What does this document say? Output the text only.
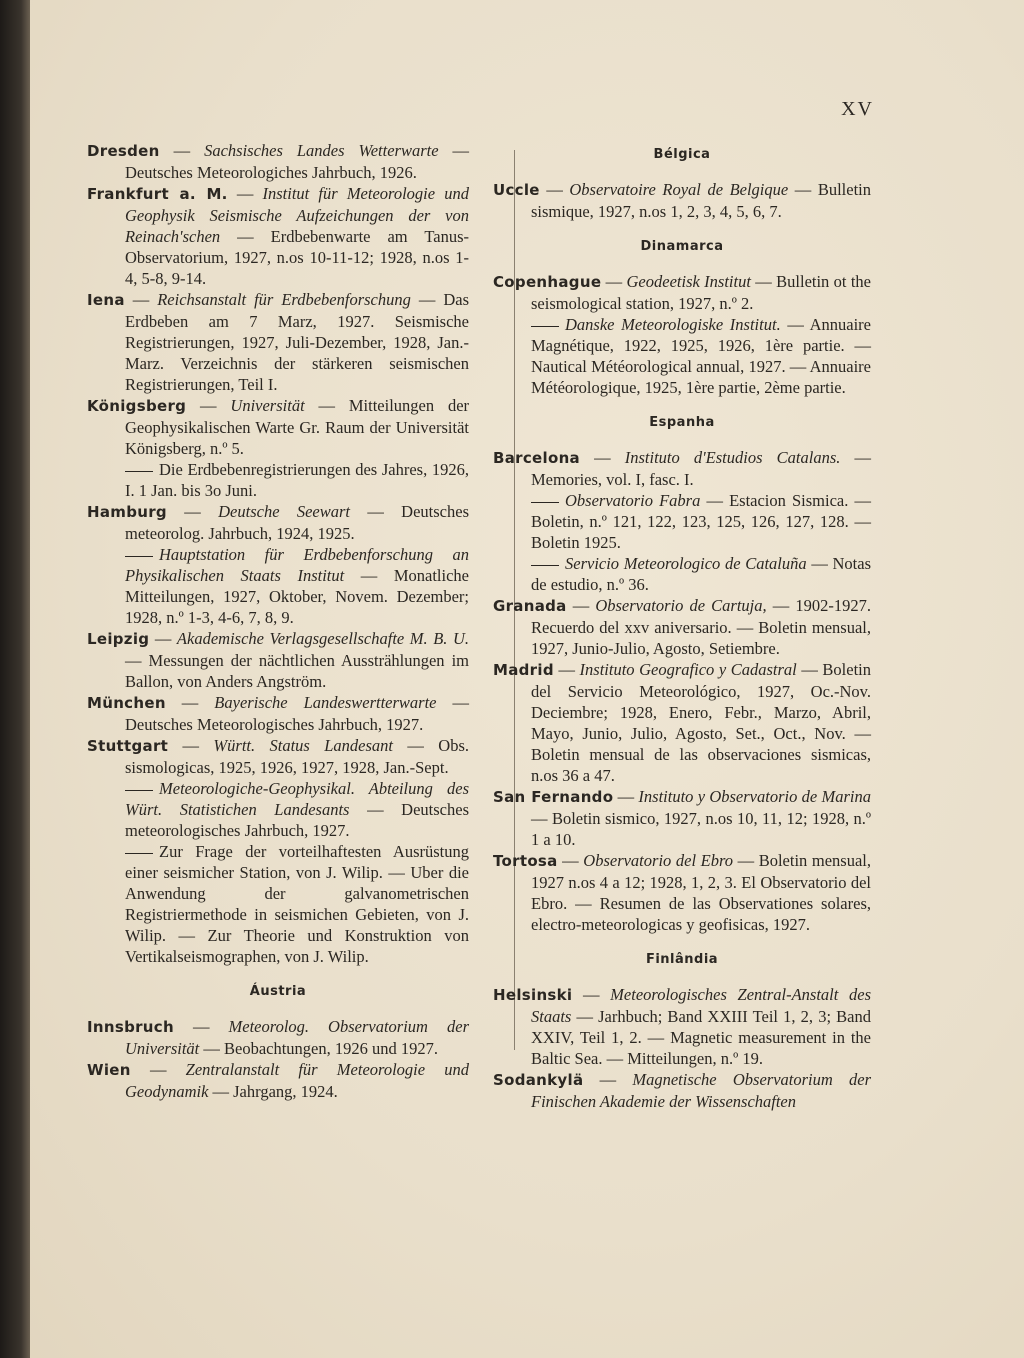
XV

Dresden — Sachsisches Landes Wetterwarte — Deutsches Meteorologiches Jahrbuch, 1926.

Frankfurt a. M. — Institut für Meteorologie und Geophysik Seismische Aufzeichungen der von Reinach'schen — Erdbebenwarte am Tanus-Observatorium, 1927, n.os 10-11-12; 1928, n.os 1-4, 5-8, 9-14.

Iena — Reichsanstalt für Erdbebenforschung — Das Erdbeben am 7 Marz, 1927. Seismische Registrierungen, 1927, Juli-Dezember, 1928, Jan.-Marz. Verzeichnis der stärkeren seismischen Registrierungen, Teil I.

Königsberg — Universität — Mitteilungen der Geophysikalischen Warte Gr. Raum der Universität Königsberg, n.º 5.

Die Erdbebenregistrierungen des Jahres, 1926, I. 1 Jan. bis 3o Juni.

Hamburg — Deutsche Seewart — Deutsches meteorolog. Jahrbuch, 1924, 1925.

Hauptstation für Erdbebenforschung an Physikalischen Staats Institut — Monatliche Mitteilungen, 1927, Oktober, Novem. Dezember; 1928, n.º 1-3, 4-6, 7, 8, 9.

Leipzig — Akademische Verlagsgesellschafte M. B. U. — Messungen der nächtlichen Ausstrählungen im Ballon, von Anders Angström.

München — Bayerische Landeswertterwarte — Deutsches Meteorologisches Jahrbuch, 1927.

Stuttgart — Württ. Status Landesant — Obs. sismologicas, 1925, 1926, 1927, 1928, Jan.-Sept.

Meteorologiche-Geophysikal. Abteilung des Würt. Statistichen Landesants — Deutsches meteorologisches Jahrbuch, 1927.

Zur Frage der vorteilhaftesten Ausrüstung einer seismicher Station, von J. Wilip. — Uber die Anwendung der galvanometrischen Registriermethode in seismichen Gebieten, von J. Wilip. — Zur Theorie und Konstruktion von Vertikalseismographen, von J. Wilip.

Áustria

Innsbruch — Meteorolog. Observatorium der Universität — Beobachtungen, 1926 und 1927.

Wien — Zentralanstalt für Meteorologie und Geodynamik — Jahrgang, 1924.

Bélgica

Uccle — Observatoire Royal de Belgique — Bulletin sismique, 1927, n.os 1, 2, 3, 4, 5, 6, 7.

Dinamarca

Copenhague — Geodeetisk Institut — Bulletin ot the seismological station, 1927, n.º 2.

Danske Meteorologiske Institut. — Annuaire Magnétique, 1922, 1925, 1926, 1ère partie. — Nautical Météorological annual, 1927. — Annuaire Météorologique, 1925, 1ère partie, 2ème partie.

Espanha

Barcelona — Instituto d'Estudios Catalans. — Memories, vol. I, fasc. I.

Observatorio Fabra — Estacion Sismica. — Boletin, n.º 121, 122, 123, 125, 126, 127, 128. — Boletin 1925.

Servicio Meteorologico de Cataluña — Notas de estudio, n.º 36.

Granada — Observatorio de Cartuja, — 1902-1927. Recuerdo del xxv aniversario. — Boletin mensual, 1927, Junio-Julio, Agosto, Setiembre.

Madrid — Instituto Geografico y Cadastral — Boletin del Servicio Meteorológico, 1927, Oc.-Nov. Deciembre; 1928, Enero, Febr., Marzo, Abril, Mayo, Junio, Julio, Agosto, Set., Oct., Nov. — Boletin mensual de las observaciones sismicas, n.os 36 a 47.

San Fernando — Instituto y Observatorio de Marina — Boletin sismico, 1927, n.os 10, 11, 12; 1928, n.º 1 a 10.

Tortosa — Observatorio del Ebro — Boletin mensual, 1927 n.os 4 a 12; 1928, 1, 2, 3. El Observatorio del Ebro. — Resumen de las Observationes solares, electro-meteorologicas y geofisicas, 1927.

Finlândia

Helsinski — Meteorologisches Zentral-Anstalt des Staats — Jarhbuch; Band XXIII Teil 1, 2, 3; Band XXIV, Teil 1, 2. — Magnetic measurement in the Baltic Sea. — Mitteilungen, n.º 19.

Sodankylä — Magnetische Observatorium der Finischen Akademie der Wissenschaften
